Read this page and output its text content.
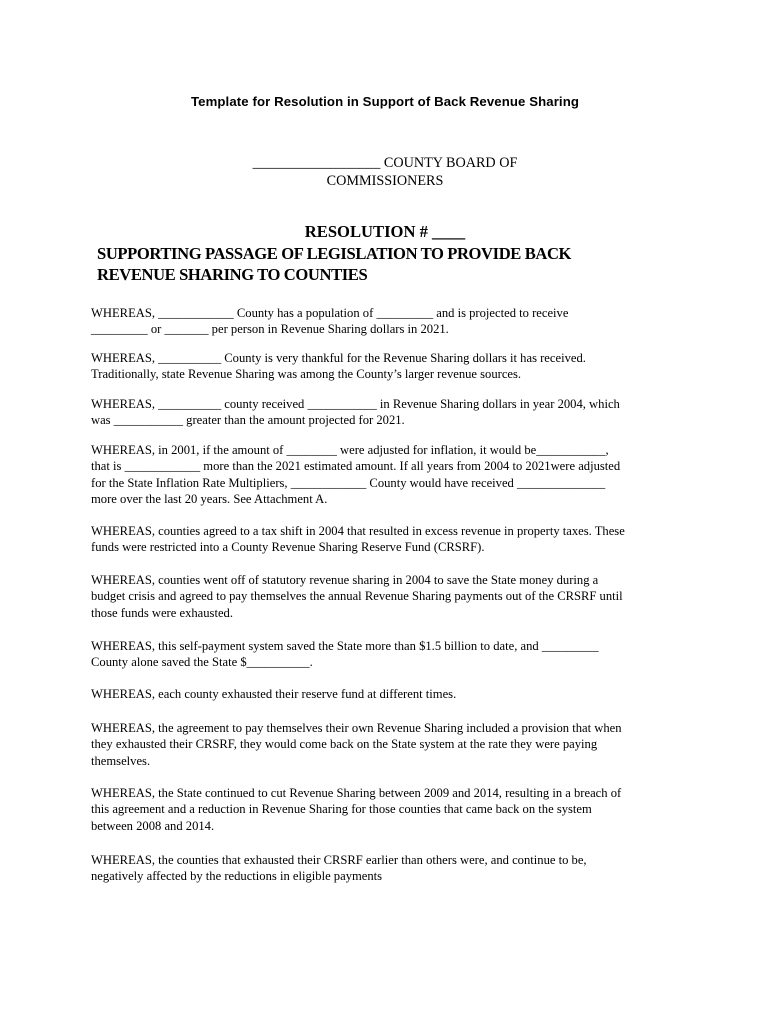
Template for Resolution in Support of Back Revenue Sharing
__________________ COUNTY BOARD OF
COMMISSIONERS
RESOLUTION # ____
SUPPORTING PASSAGE OF LEGISLATION TO PROVIDE BACK
REVENUE SHARING TO COUNTIES

WHEREAS, ____________ County has a population of _________ and is projected to receive
_________ or _______ per person in Revenue Sharing dollars in 2021.

WHEREAS, __________ County is very thankful for the Revenue Sharing dollars it has received.
Traditionally, state Revenue Sharing was among the County’s larger revenue sources.

WHEREAS, __________ county received ___________ in Revenue Sharing dollars in year 2004, which
was ___________ greater than the amount projected for 2021.

WHEREAS, in 2001, if the amount of ________ were adjusted for inflation, it would be___________,
that is ____________ more than the 2021 estimated amount. If all years from 2004 to 2021were adjusted
for the State Inflation Rate Multipliers, ____________ County would have received ______________
more over the last 20 years. See Attachment A.

WHEREAS, counties agreed to a tax shift in 2004 that resulted in excess revenue in property taxes. These
funds were restricted into a County Revenue Sharing Reserve Fund (CRSRF).

WHEREAS, counties went off of statutory revenue sharing in 2004 to save the State money during a
budget crisis and agreed to pay themselves the annual Revenue Sharing payments out of the CRSRF until
those funds were exhausted.

WHEREAS, this self-payment system saved the State more than $1.5 billion to date, and _________
County alone saved the State $__________.

WHEREAS, each county exhausted their reserve fund at different times.

WHEREAS, the agreement to pay themselves their own Revenue Sharing included a provision that when
they exhausted their CRSRF, they would come back on the State system at the rate they were paying
themselves.

WHEREAS, the State continued to cut Revenue Sharing between 2009 and 2014, resulting in a breach of
this agreement and a reduction in Revenue Sharing for those counties that came back on the system
between 2008 and 2014.

WHEREAS, the counties that exhausted their CRSRF earlier than others were, and continue to be,
negatively affected by the reductions in eligible payments
